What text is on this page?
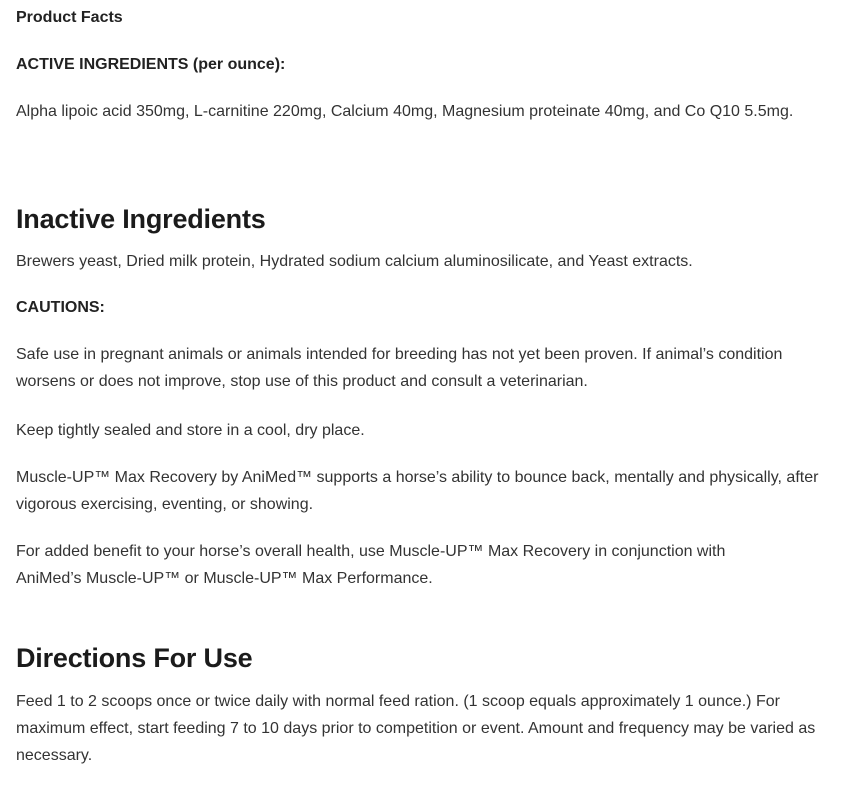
Product Facts

ACTIVE INGREDIENTS (per ounce):

Alpha lipoic acid 350mg, L-carnitine 220mg, Calcium 40mg, Magnesium proteinate 40mg, and Co Q10 5.5mg.

Inactive Ingredients

Brewers yeast, Dried milk protein, Hydrated sodium calcium aluminosilicate, and Yeast extracts.

CAUTIONS:

Safe use in pregnant animals or animals intended for breeding has not yet been proven. If animal’s condition worsens or does not improve, stop use of this product and consult a veterinarian.

Keep tightly sealed and store in a cool, dry place.

Muscle-UP™ Max Recovery by AniMed™ supports a horse’s ability to bounce back, mentally and physically, after vigorous exercising, eventing, or showing.

For added benefit to your horse’s overall health, use Muscle-UP™ Max Recovery in conjunction with AniMed’s Muscle-UP™ or Muscle-UP™ Max Performance.

Directions For Use

Feed 1 to 2 scoops once or twice daily with normal feed ration. (1 scoop equals approximately 1 ounce.) For maximum effect, start feeding 7 to 10 days prior to competition or event. Amount and frequency may be varied as necessary.
